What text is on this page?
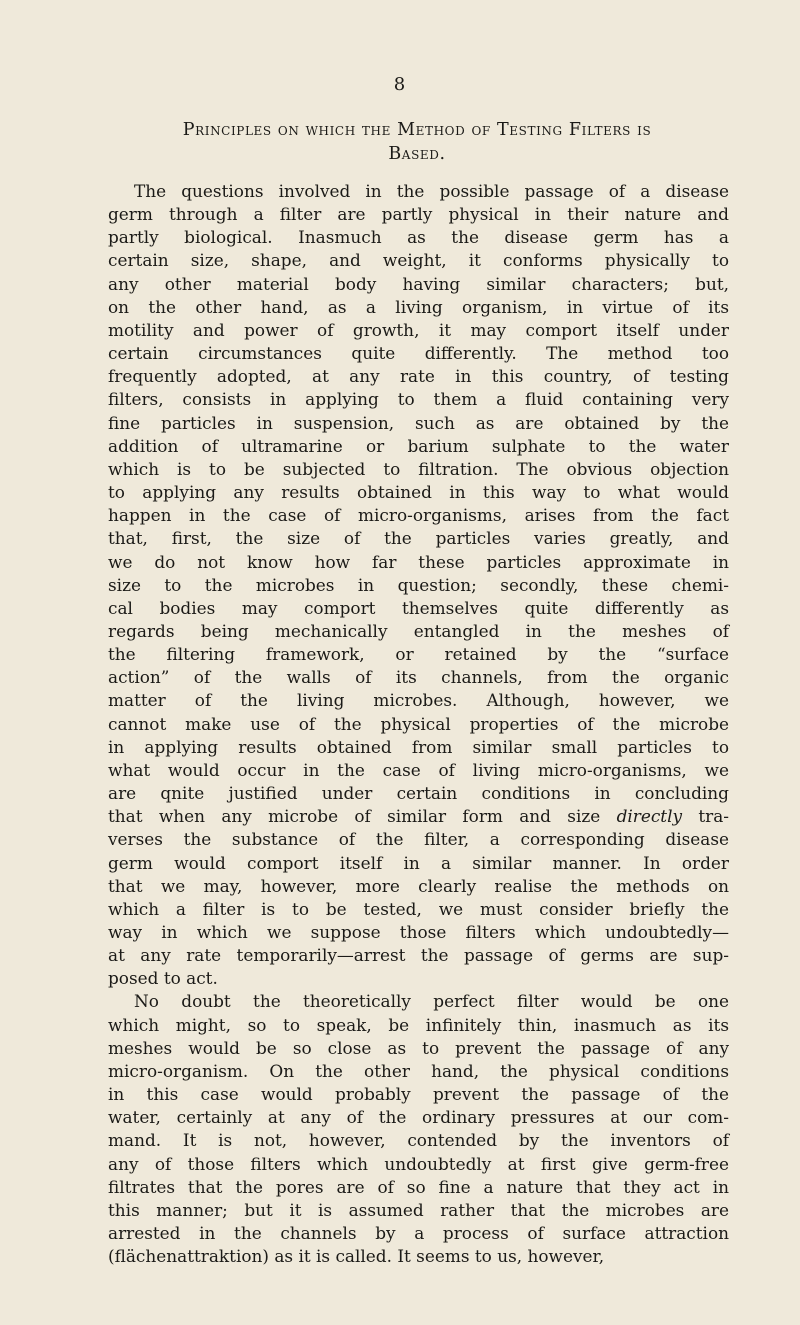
8
Principles on which the Method of Testing Filters is
Based.
The questions involved in the possible passage of a disease
germ through a filter are partly physical in their nature and
partly biological. Inasmuch as the disease germ has a
certain size, shape, and weight, it conforms physically to
any other material body having similar characters; but,
on the other hand, as a living organism, in virtue of its
motility and power of growth, it may comport itself under
certain circumstances quite differently. The method too
frequently adopted, at any rate in this country, of testing
filters, consists in applying to them a fluid containing very
fine particles in suspension, such as are obtained by the
addition of ultramarine or barium sulphate to the water
which is to be subjected to filtration. The obvious objection
to applying any results obtained in this way to what would
happen in the case of micro-organisms, arises from the fact
that, first, the size of the particles varies greatly, and
we do not know how far these particles approximate in
size to the microbes in question; secondly, these chemi-
cal bodies may comport themselves quite differently as
regards being mechanically entangled in the meshes of
the filtering framework, or retained by the “surface
action” of the walls of its channels, from the organic
matter of the living microbes. Although, however, we
cannot make use of the physical properties of the microbe
in applying results obtained from similar small particles to
what would occur in the case of living micro-organisms, we
are qnite justified under certain conditions in concluding
that when any microbe of similar form and size directly tra-
verses the substance of the filter, a corresponding disease
germ would comport itself in a similar manner. In order
that we may, however, more clearly realise the methods on
which a filter is to be tested, we must consider briefly the
way in which we suppose those filters which undoubtedly—
at any rate temporarily—arrest the passage of germs are sup-
posed to act.
No doubt the theoretically perfect filter would be one
which might, so to speak, be infinitely thin, inasmuch as its
meshes would be so close as to prevent the passage of any
micro-organism. On the other hand, the physical conditions
in this case would probably prevent the passage of the
water, certainly at any of the ordinary pressures at our com-
mand. It is not, however, contended by the inventors of
any of those filters which undoubtedly at first give germ-free
filtrates that the pores are of so fine a nature that they act in
this manner; but it is assumed rather that the microbes are
arrested in the channels by a process of surface attraction
(flächenattraktion) as it is called. It seems to us, however,
